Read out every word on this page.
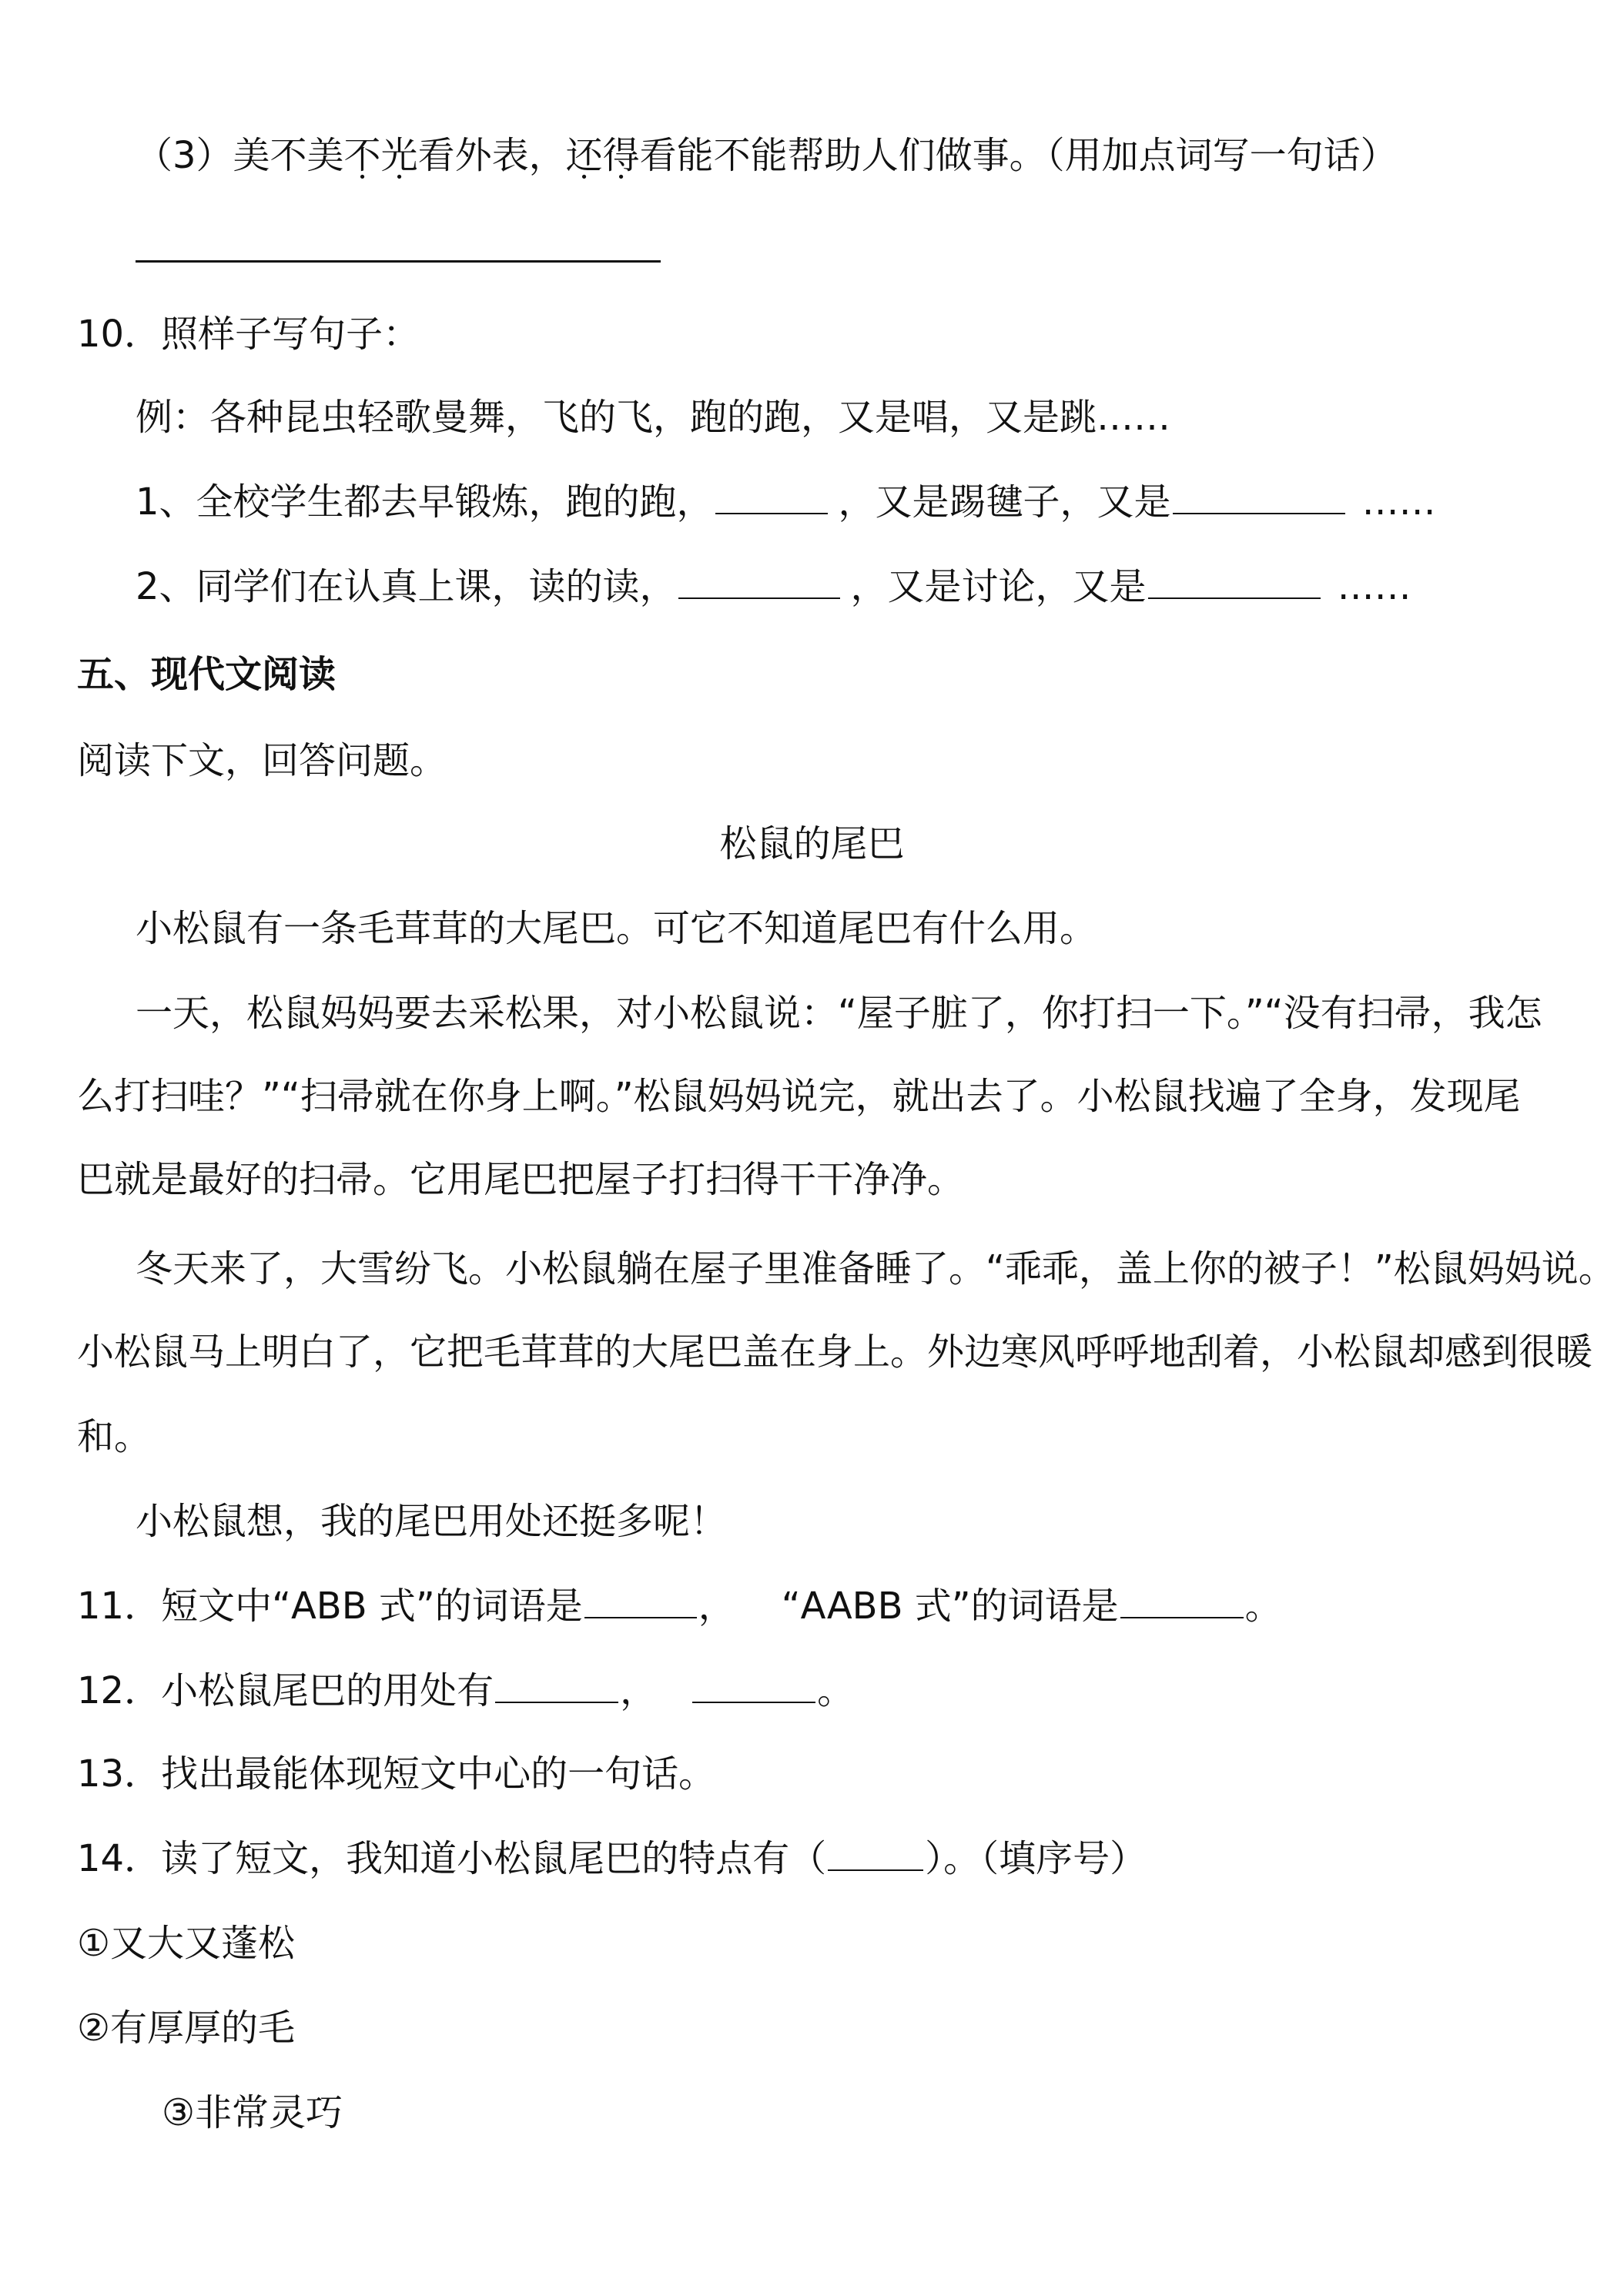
（3）美不美不光看外表，还得看能不能帮助人们做事。（用加点词写一句话）
10．照样子写句子：
例：各种昆虫轻歌曼舞，飞的飞，跑的跑，又是唱，又是跳……
1、全校学生都去早锻炼，跑的跑，	，又是踢毽子，又是	……
2、同学们在认真上课，读的读，	，又是讨论，又是	……
五、现代文阅读
阅读下文，回答问题。
松鼠的尾巴
小松鼠有一条毛茸茸的大尾巴。可它不知道尾巴有什么用。
一天，松鼠妈妈要去采松果，对小松鼠说：“屋子脏了，你打扫一下。”“没有扫帚，我怎
么打扫哇？”“扫帚就在你身上啊。”松鼠妈妈说完，就出去了。小松鼠找遍了全身，发现尾
巴就是最好的扫帚。它用尾巴把屋子打扫得干干净净。
冬天来了，大雪纷飞。小松鼠躺在屋子里准备睡了。“乖乖，盖上你的被子！”松鼠妈妈说。
小松鼠马上明白了，它把毛茸茸的大尾巴盖在身上。外边寒风呼呼地刮着，小松鼠却感到很暖
和。
小松鼠想，我的尾巴用处还挺多呢！
11．短文中“ABB 式”的词语是	， “AABB 式”的词语是	。
12．小松鼠尾巴的用处有	，	。
13．找出最能体现短文中心的一句话。
14．读了短文，我知道小松鼠尾巴的特点有（	）。（填序号）
①又大又蓬松
②有厚厚的毛
③非常灵巧
